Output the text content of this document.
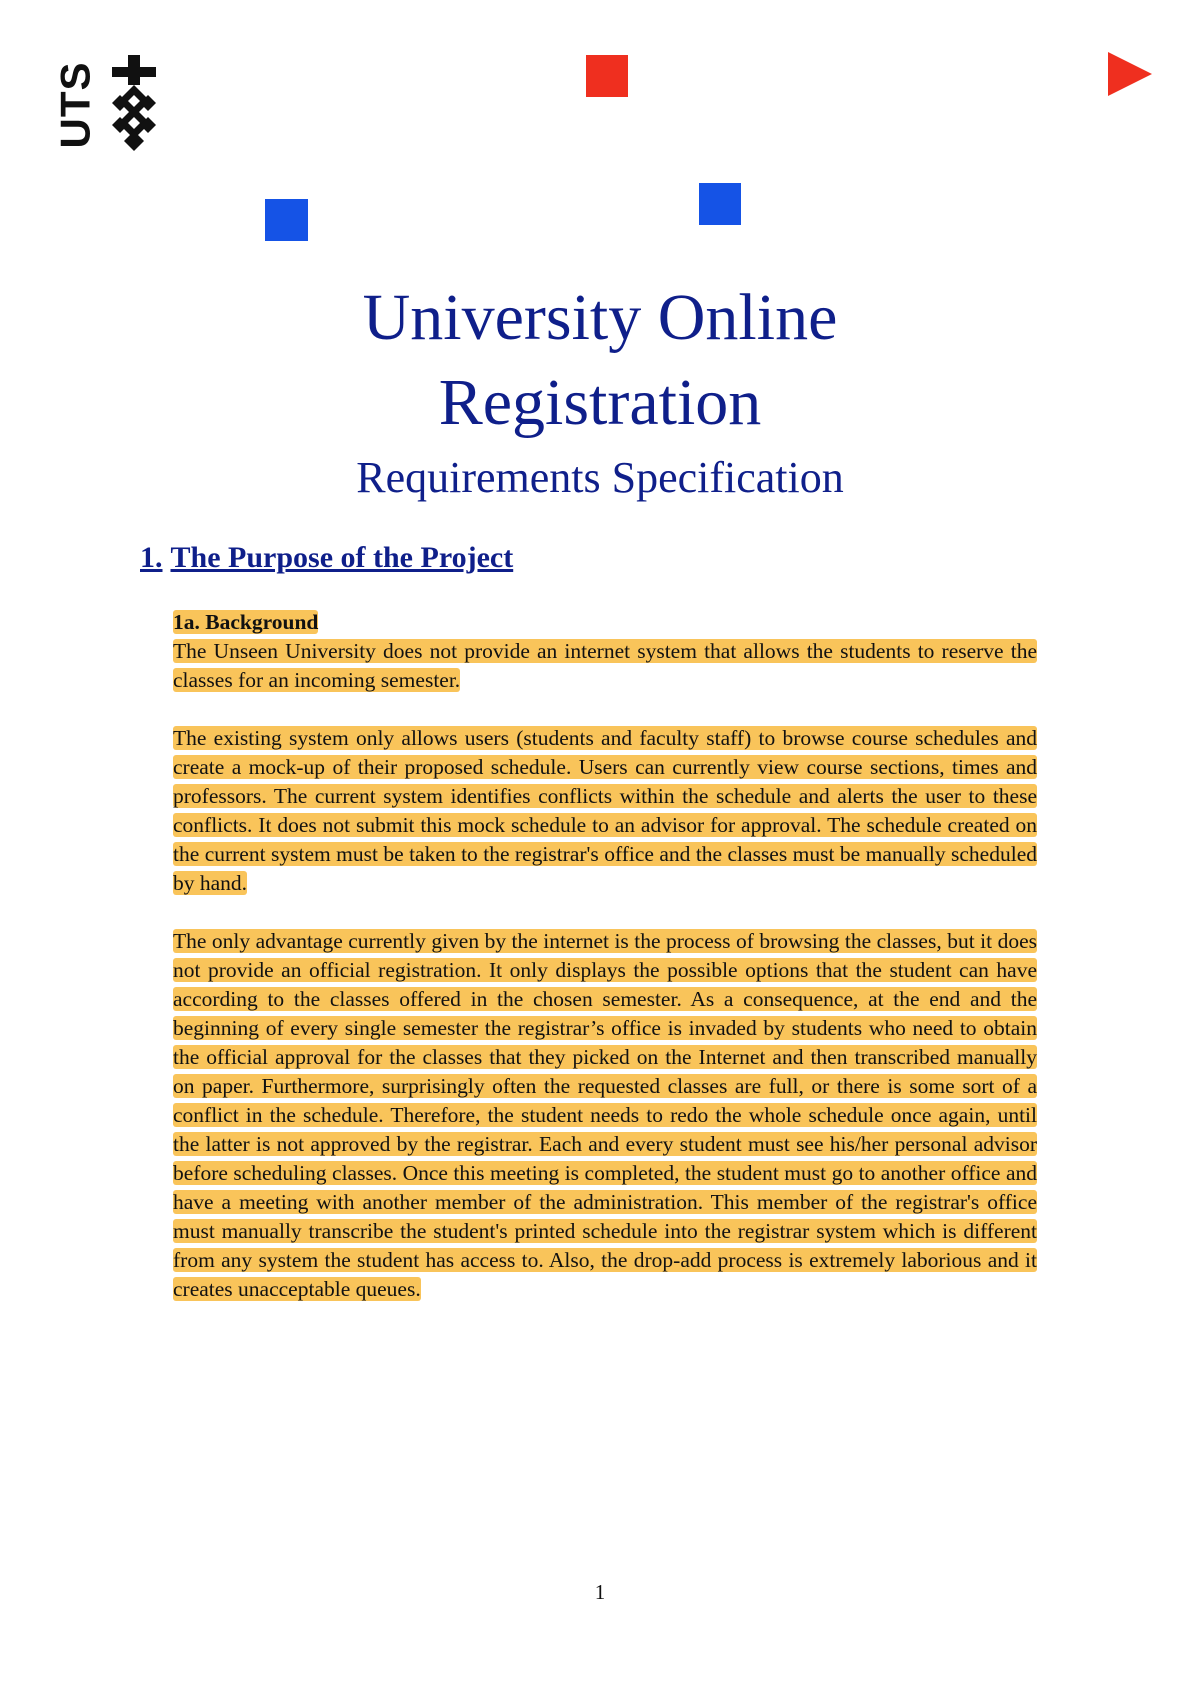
UTS
University Online
Registration
Requirements Specification
1. The Purpose of the Project

1a. Background

The Unseen University does not provide an internet system that allows the students to reserve the classes for an incoming semester.

The existing system only allows users (students and faculty staff) to browse course schedules and create a mock-up of their proposed schedule. Users can currently view course sections, times and professors. The current system identifies conflicts within the schedule and alerts the user to these conflicts. It does not submit this mock schedule to an advisor for approval. The schedule created on the current system must be taken to the registrar's office and the classes must be manually scheduled by hand.

The only advantage currently given by the internet is the process of browsing the classes, but it does not provide an official registration. It only displays the possible options that the student can have according to the classes offered in the chosen semester. As a consequence, at the end and the beginning of every single semester the registrar’s office is invaded by students who need to obtain the official approval for the classes that they picked on the Internet and then transcribed manually on paper. Furthermore, surprisingly often the requested classes are full, or there is some sort of a conflict in the schedule. Therefore, the student needs to redo the whole schedule once again, until the latter is not approved by the registrar. Each and every student must see his/her personal advisor before scheduling classes. Once this meeting is completed, the student must go to another office and have a meeting with another member of the administration. This member of the registrar's office must manually transcribe the student's printed schedule into the registrar system which is different from any system the student has access to. Also, the drop-add process is extremely laborious and it creates unacceptable queues.

1
